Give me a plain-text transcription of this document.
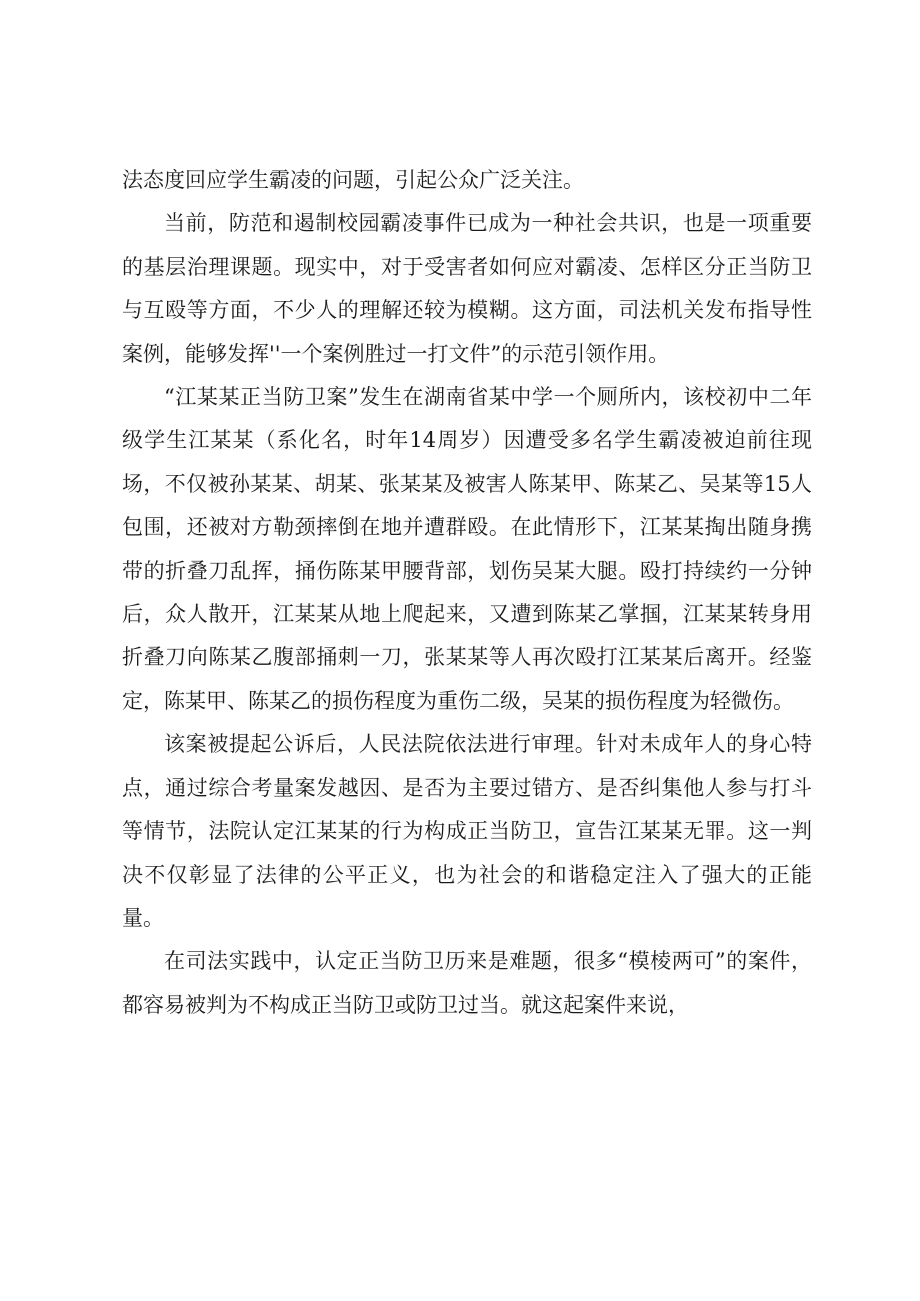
法态度回应学生霸凌的问题，引起公众广泛关注。

当前，防范和遏制校园霸凌事件已成为一种社会共识，也是一项重要的基层治理课题。现实中，对于受害者如何应对霸凌、怎样区分正当防卫与互殴等方面，不少人的理解还较为模糊。这方面，司法机关发布指导性案例，能够发挥''一个案例胜过一打文件”的示范引领作用。

“江某某正当防卫案”发生在湖南省某中学一个厕所内，该校初中二年级学生江某某（系化名，时年14周岁）因遭受多名学生霸凌被迫前往现场，不仅被孙某某、胡某、张某某及被害人陈某甲、陈某乙、吴某等15人包围，还被对方勒颈摔倒在地并遭群殴。在此情形下，江某某掏出随身携带的折叠刀乱挥，捅伤陈某甲腰背部，划伤吴某大腿。殴打持续约一分钟后，众人散开，江某某从地上爬起来，又遭到陈某乙掌掴，江某某转身用折叠刀向陈某乙腹部捅刺一刀，张某某等人再次殴打江某某后离开。经鉴定，陈某甲、陈某乙的损伤程度为重伤二级，吴某的损伤程度为轻微伤。

该案被提起公诉后，人民法院依法进行审理。针对未成年人的身心特点，通过综合考量案发越因、是否为主要过错方、是否纠集他人参与打斗等情节，法院认定江某某的行为构成正当防卫，宣告江某某无罪。这一判决不仅彰显了法律的公平正义，也为社会的和谐稳定注入了强大的正能量。

在司法实践中，认定正当防卫历来是难题，很多“模棱两可”的案件，都容易被判为不构成正当防卫或防卫过当。就这起案件来说，
